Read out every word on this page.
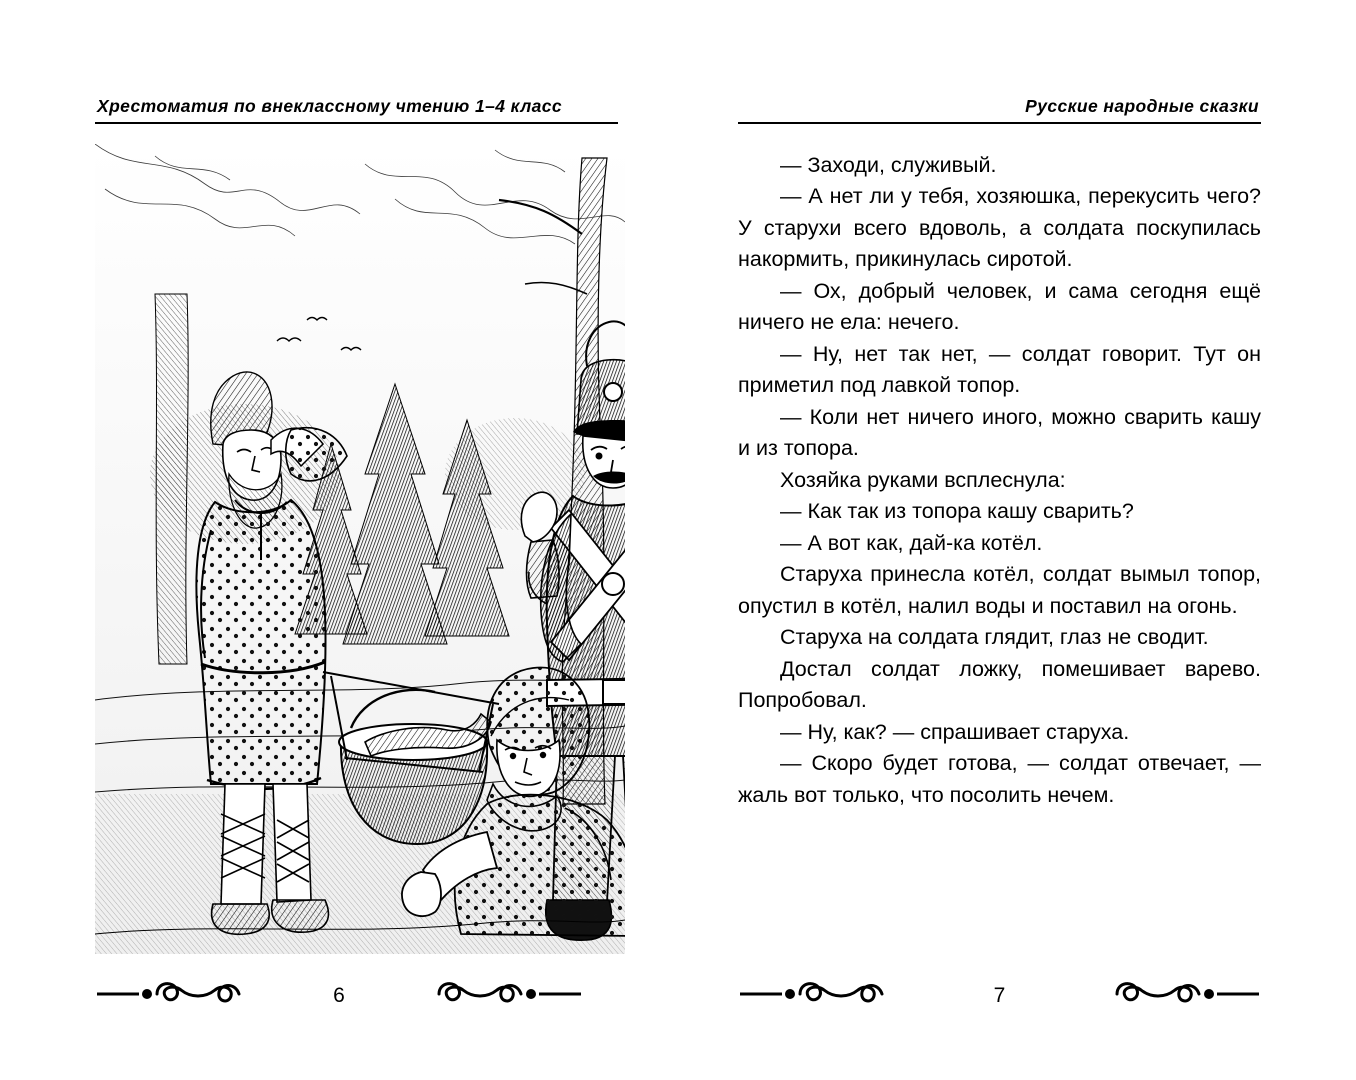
Хрестоматия по внеклассному чтению 1–4 класс
6
Русские народные сказки

— Заходи, служивый.

— А нет ли у тебя, хозяюшка, перекусить чего? У старухи всего вдоволь, а солдата поскупилась накормить, прикинулась сиротой.

— Ох, добрый человек, и сама сегодня ещё ничего не ела: нечего.

— Ну, нет так нет, — солдат говорит. Тут он приметил под лавкой топор.

— Коли нет ничего иного, можно сварить кашу и из топора.

Хозяйка руками всплеснула:

— Как так из топора кашу сварить?

— А вот как, дай-ка котёл.

Старуха принесла котёл, солдат вымыл топор, опустил в котёл, налил воды и поставил на огонь.

Старуха на солдата глядит, глаз не сводит.

Достал солдат ложку, помешивает варево. Попробовал.

— Ну, как? — спрашивает старуха.

— Скоро будет готова, — солдат отвечает, — жаль вот только, что посолить нечем.

7
